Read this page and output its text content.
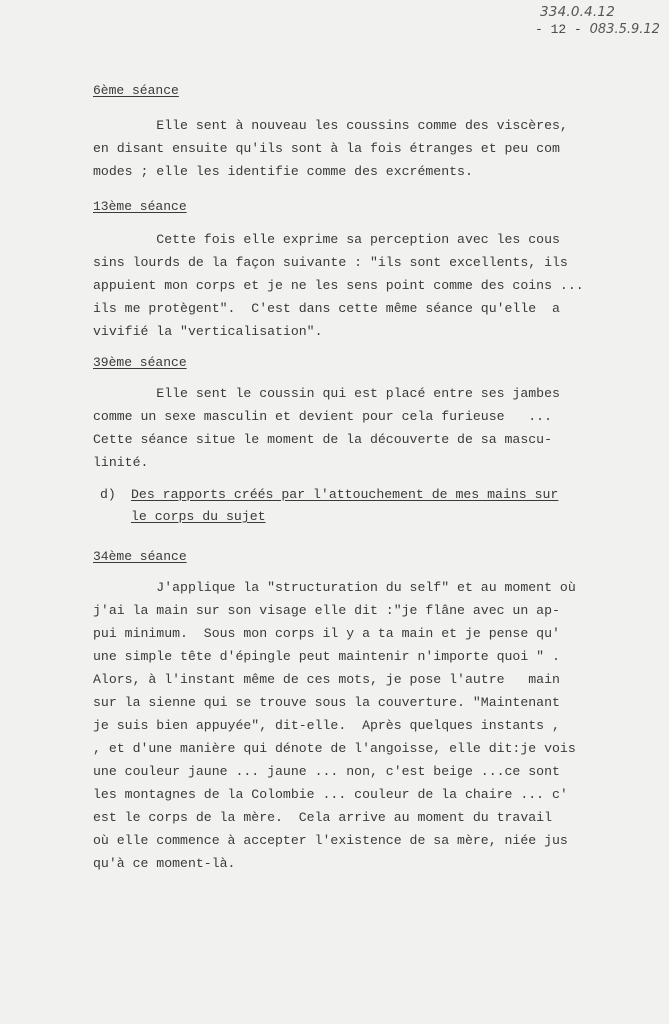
334.0.4.12
- 12 - 083.5.9.12
6ème séance
Elle sent à nouveau les coussins comme des viscères,
en disant ensuite qu'ils sont à la fois étranges et peu com
modes ; elle les identifie comme des excréments.
13ème séance
Cette fois elle exprime sa perception avec les cous
sins lourds de la façon suivante : "ils sont excellents, ils
appuient mon corps et je ne les sens point comme des coins ...
ils me protègent".  C'est dans cette même séance qu'elle  a
vivifié la "verticalisation".
39ème séance
Elle sent le coussin qui est placé entre ses jambes
comme un sexe masculin et devient pour cela furieuse   ...
Cette séance situe le moment de la découverte de sa mascu-
linité.
d) Des rapports créés par l'attouchement de mes mains sur
le corps du sujet
34ème séance
J'applique la "structuration du self" et au moment où
j'ai la main sur son visage elle dit :"je flâne avec un ap-
pui minimum.  Sous mon corps il y a ta main et je pense qu'
une simple tête d'épingle peut maintenir n'importe quoi " .
Alors, à l'instant même de ces mots, je pose l'autre   main
sur la sienne qui se trouve sous la couverture. "Maintenant
je suis bien appuyée", dit-elle.  Après quelques instants ,
, et d'une manière qui dénote de l'angoisse, elle dit:je vois
une couleur jaune ... jaune ... non, c'est beige ...ce sont
les montagnes de la Colombie ... couleur de la chaire ... c'
est le corps de la mère.  Cela arrive au moment du travail
où elle commence à accepter l'existence de sa mère, niée jus
qu'à ce moment-là.
